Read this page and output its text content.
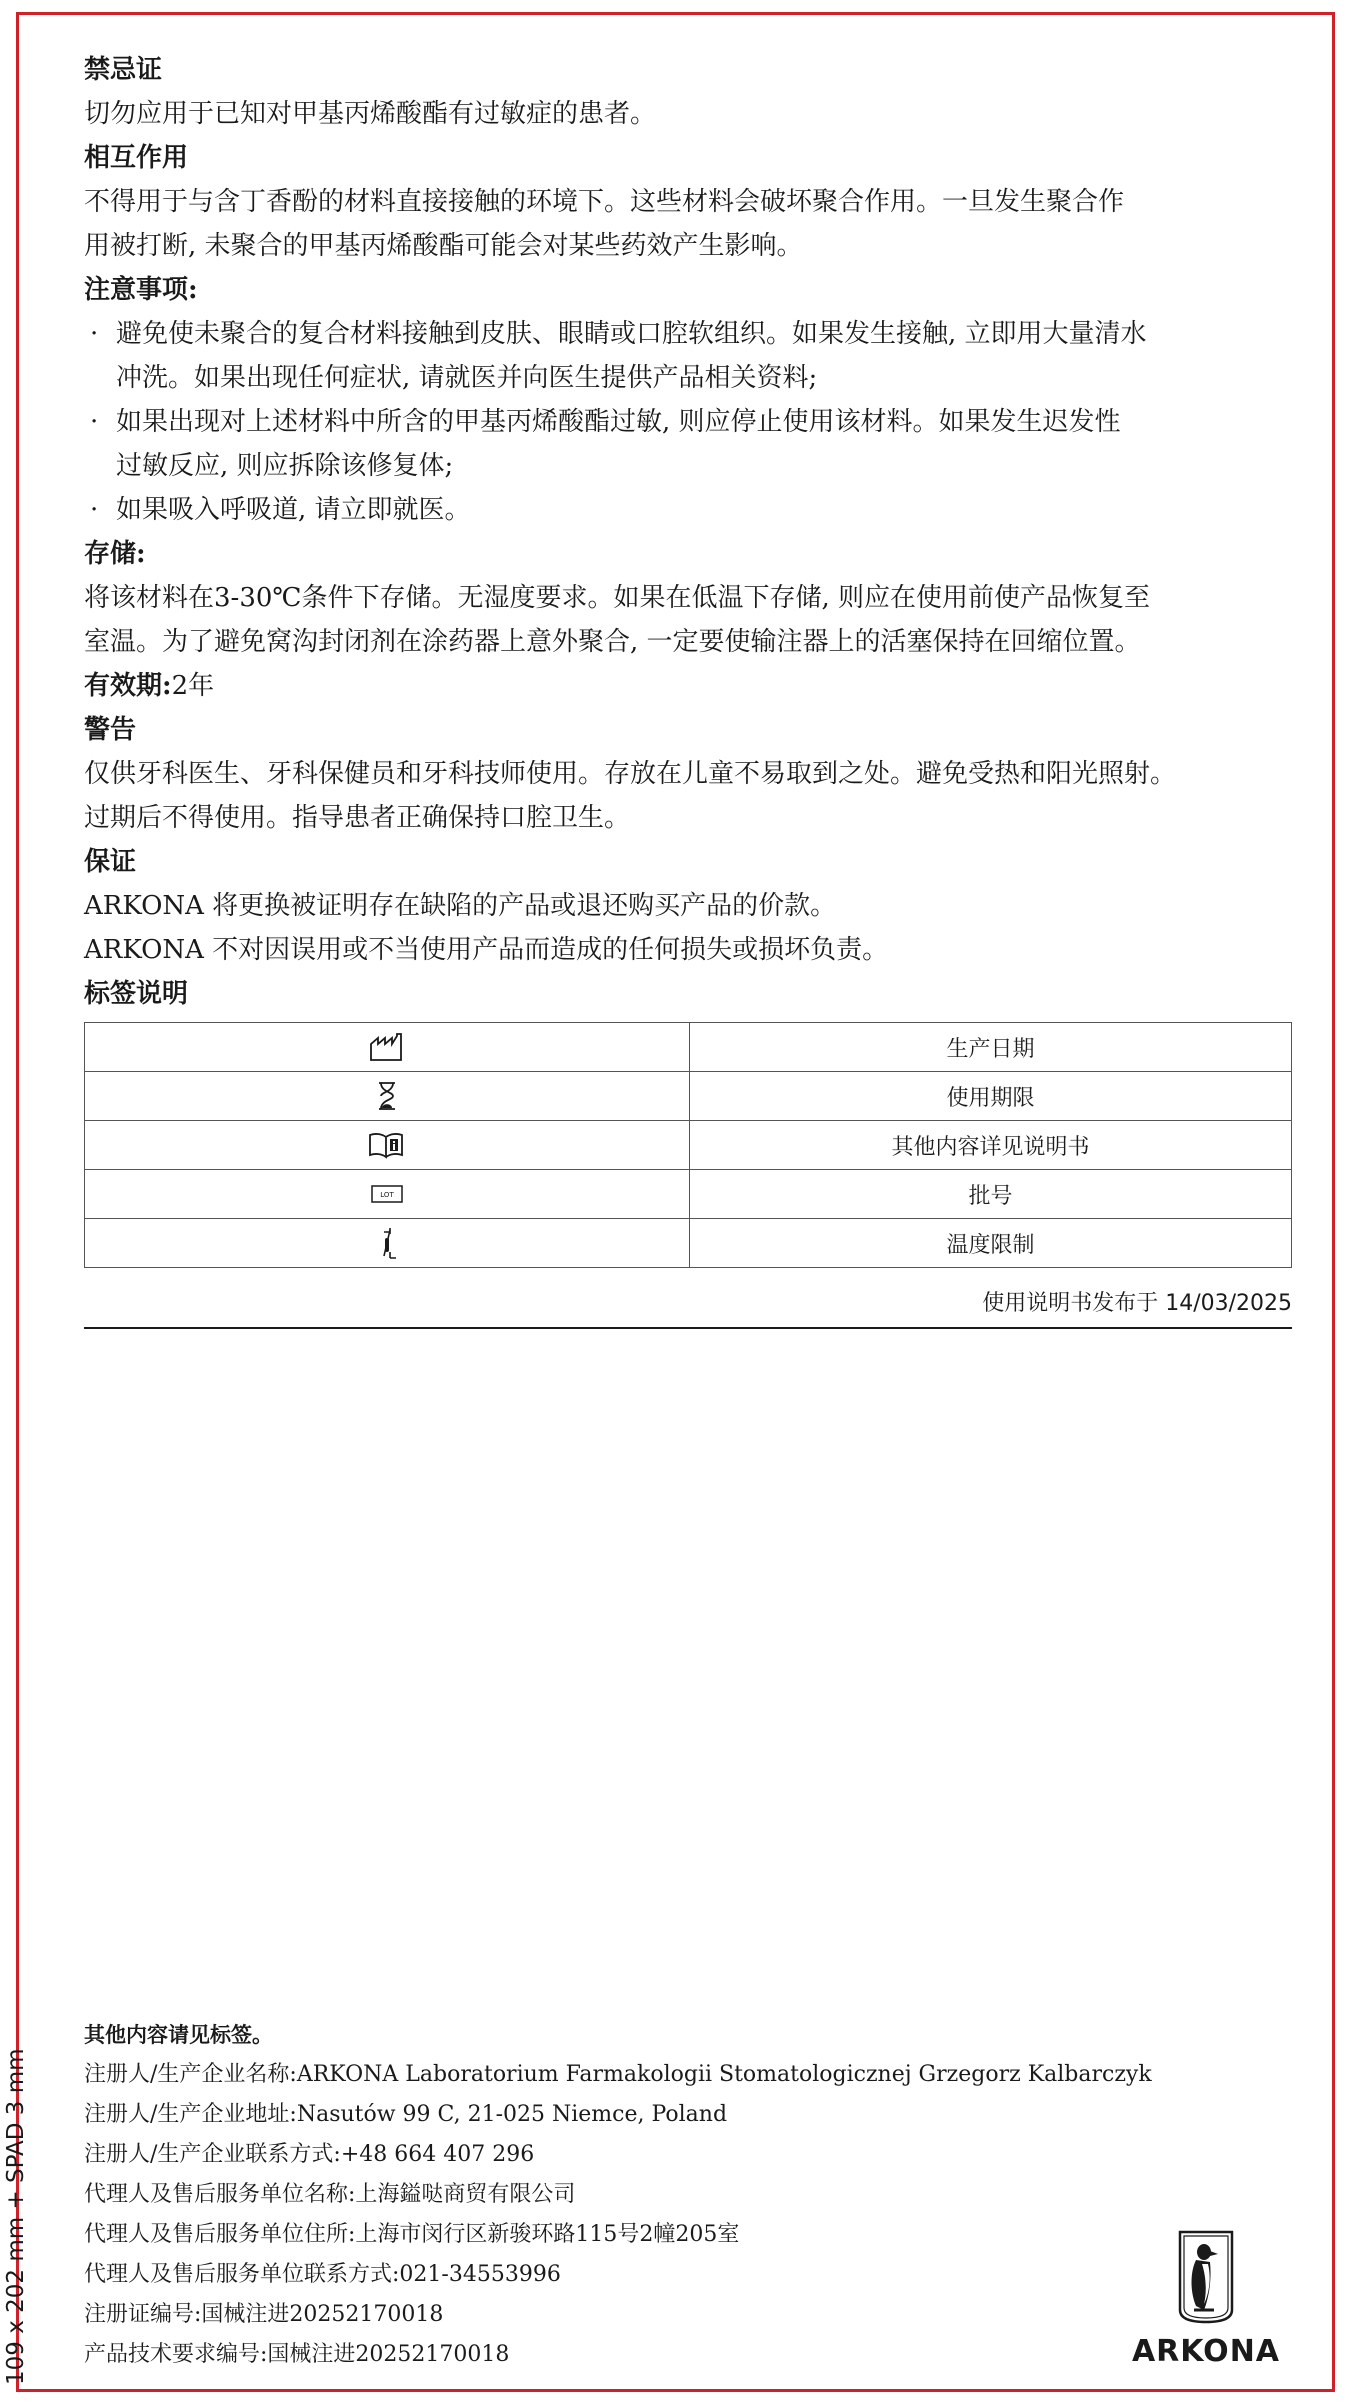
109 x 202 mm + SPAD 3 mm
禁忌证

切勿应用于已知对甲基丙烯酸酯有过敏症的患者。

相互作用

不得用于与含丁香酚的材料直接接触的环境下。这些材料会破坏聚合作用。一旦发生聚合作

用被打断, 未聚合的甲基丙烯酸酯可能会对某些药效产生影响。

注意事项:
· 避免使未聚合的复合材料接触到皮肤、眼睛或口腔软组织。如果发生接触, 立即用大量清水
冲洗。如果出现任何症状, 请就医并向医生提供产品相关资料;
· 如果出现对上述材料中所含的甲基丙烯酸酯过敏, 则应停止使用该材料。如果发生迟发性
过敏反应, 则应拆除该修复体;
· 如果吸入呼吸道, 请立即就医。
存储:

将该材料在3-30℃条件下存储。无湿度要求。如果在低温下存储, 则应在使用前使产品恢复至

室温。为了避免窝沟封闭剂在涂药器上意外聚合, 一定要使输注器上的活塞保持在回缩位置。

有效期:2年

警告

仅供牙科医生、牙科保健员和牙科技师使用。存放在儿童不易取到之处。避免受热和阳光照射。

过期后不得使用。指导患者正确保持口腔卫生。

保证

ARKONA 将更换被证明存在缺陷的产品或退还购买产品的价款。

ARKONA 不对因误用或不当使用产品而造成的任何损失或损坏负责。

标签说明
	生产日期

	使用期限

	其他内容详见说明书

LOT	批号

	温度限制
使用说明书发布于 14/03/2025
其他内容请见标签。
注册人/生产企业名称:ARKONA Laboratorium Farmakologii Stomatologicznej Grzegorz Kalbarczyk
注册人/生产企业地址:Nasutów 99 C, 21-025 Niemce, Poland
注册人/生产企业联系方式:+48 664 407 296
代理人及售后服务单位名称:上海鎰哒商贸有限公司
代理人及售后服务单位住所:上海市闵行区新骏环路115号2幢205室
代理人及售后服务单位联系方式:021-34553996
注册证编号:国械注进20252170018
产品技术要求编号:国械注进20252170018	ARKONA
